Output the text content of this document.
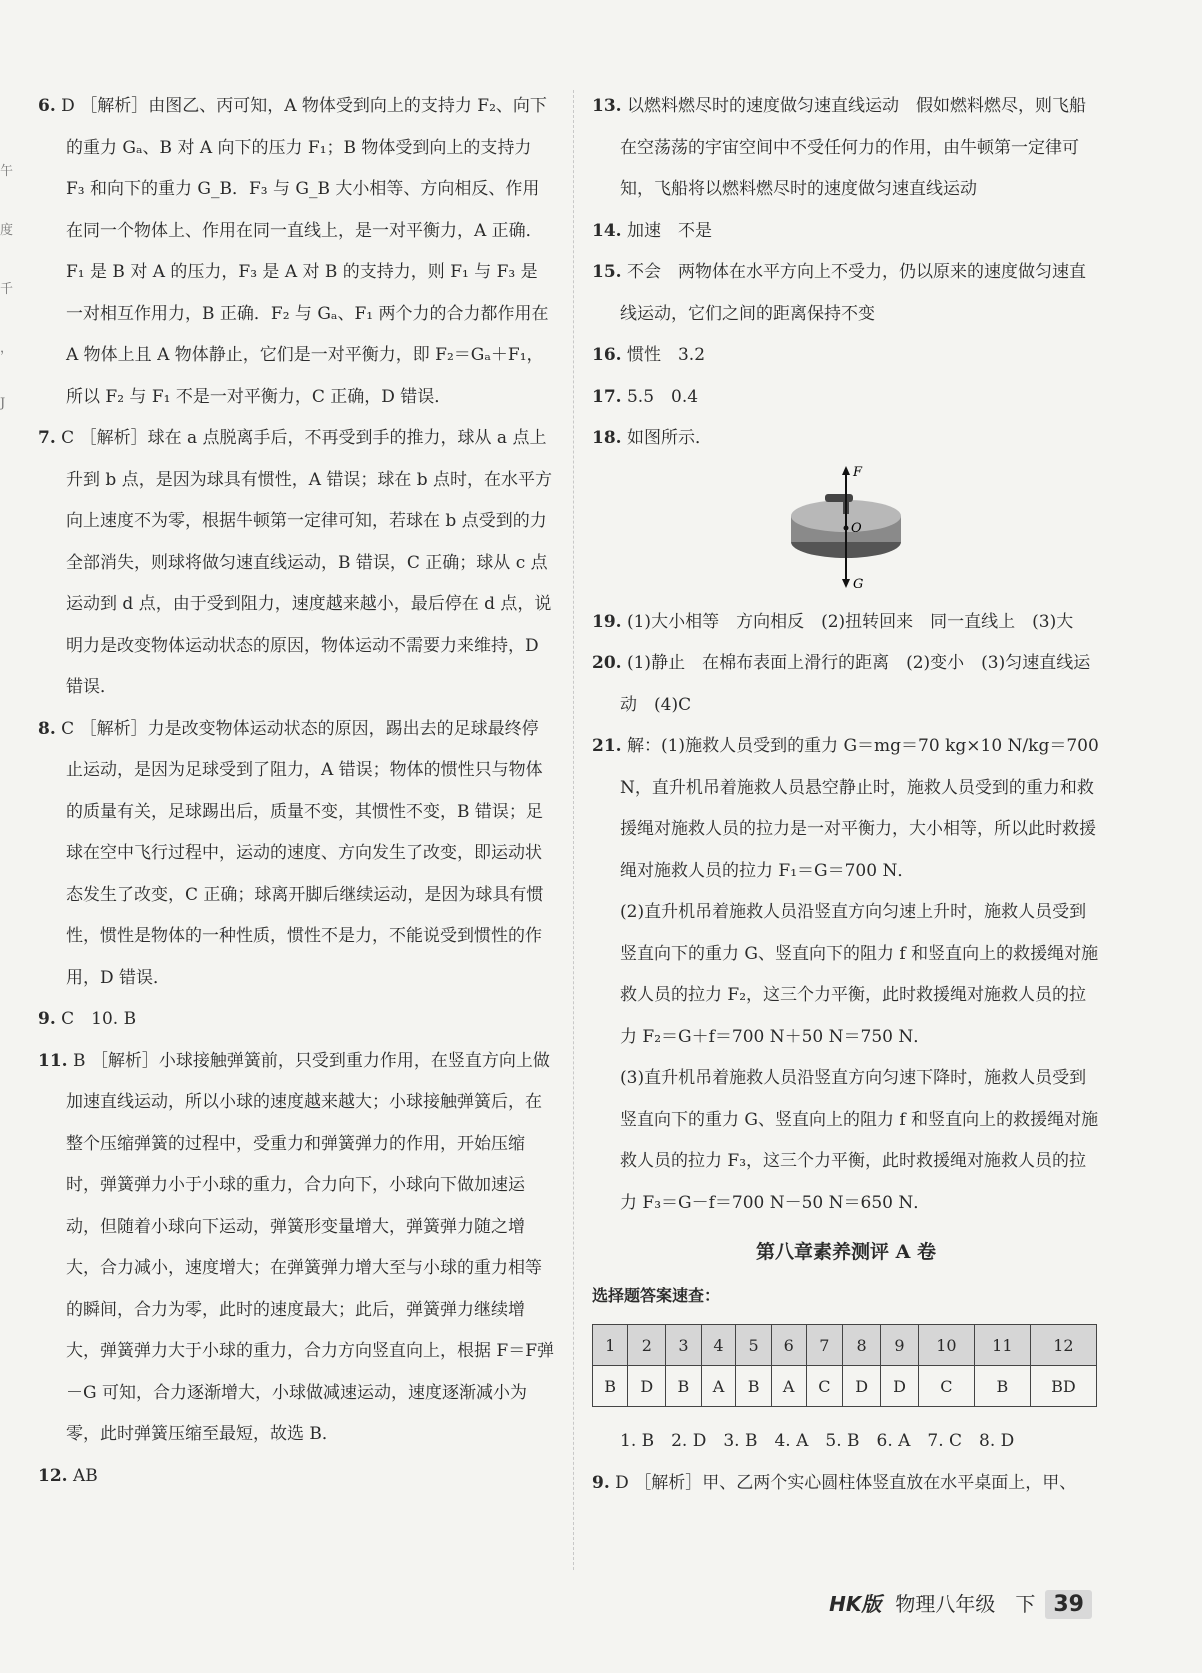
午
度
千
，
J

6. D ［解析］由图乙、丙可知，A 物体受到向上的支持力 F₂、向下的重力 Gₐ、B 对 A 向下的压力 F₁；B 物体受到向上的支持力 F₃ 和向下的重力 G_B．F₃ 与 G_B 大小相等、方向相反、作用在同一个物体上、作用在同一直线上，是一对平衡力，A 正确．F₁ 是 B 对 A 的压力，F₃ 是 A 对 B 的支持力，则 F₁ 与 F₃ 是一对相互作用力，B 正确．F₂ 与 Gₐ、F₁ 两个力的合力都作用在 A 物体上且 A 物体静止，它们是一对平衡力，即 F₂＝Gₐ＋F₁，所以 F₂ 与 F₁ 不是一对平衡力，C 正确，D 错误．

7. C ［解析］球在 a 点脱离手后，不再受到手的推力，球从 a 点上升到 b 点，是因为球具有惯性，A 错误；球在 b 点时，在水平方向上速度不为零，根据牛顿第一定律可知，若球在 b 点受到的力全部消失，则球将做匀速直线运动，B 错误，C 正确；球从 c 点运动到 d 点，由于受到阻力，速度越来越小，最后停在 d 点，说明力是改变物体运动状态的原因，物体运动不需要力来维持，D 错误．

8. C ［解析］力是改变物体运动状态的原因，踢出去的足球最终停止运动，是因为足球受到了阻力，A 错误；物体的惯性只与物体的质量有关，足球踢出后，质量不变，其惯性不变，B 错误；足球在空中飞行过程中，运动的速度、方向发生了改变，即运动状态发生了改变，C 正确；球离开脚后继续运动，是因为球具有惯性，惯性是物体的一种性质，惯性不是力，不能说受到惯性的作用，D 错误．

9. C　10. B

11. B ［解析］小球接触弹簧前，只受到重力作用，在竖直方向上做加速直线运动，所以小球的速度越来越大；小球接触弹簧后，在整个压缩弹簧的过程中，受重力和弹簧弹力的作用，开始压缩时，弹簧弹力小于小球的重力，合力向下，小球向下做加速运动，但随着小球向下运动，弹簧形变量增大，弹簧弹力随之增大，合力减小，速度增大；在弹簧弹力增大至与小球的重力相等的瞬间，合力为零，此时的速度最大；此后，弹簧弹力继续增大，弹簧弹力大于小球的重力，合力方向竖直向上，根据 F＝F弹－G 可知，合力逐渐增大，小球做减速运动，速度逐渐减小为零，此时弹簧压缩至最短，故选 B．

12. AB

13. 以燃料燃尽时的速度做匀速直线运动　假如燃料燃尽，则飞船在空荡荡的宇宙空间中不受任何力的作用，由牛顿第一定律可知，飞船将以燃料燃尽时的速度做匀速直线运动

14. 加速　不是

15. 不会　两物体在水平方向上不受力，仍以原来的速度做匀速直线运动，它们之间的距离保持不变

16. 惯性　3.2

17. 5.5　0.4

18. 如图所示．

F
O
G

19. (1)大小相等　方向相反　(2)扭转回来　同一直线上　(3)大

20. (1)静止　在棉布表面上滑行的距离　(2)变小　(3)匀速直线运动　(4)C

21. 解：(1)施救人员受到的重力 G＝mg＝70 kg×10 N/kg＝700 N，直升机吊着施救人员悬空静止时，施救人员受到的重力和救援绳对施救人员的拉力是一对平衡力，大小相等，所以此时救援绳对施救人员的拉力 F₁＝G＝700 N．

(2)直升机吊着施救人员沿竖直方向匀速上升时，施救人员受到竖直向下的重力 G、竖直向下的阻力 f 和竖直向上的救援绳对施救人员的拉力 F₂，这三个力平衡，此时救援绳对施救人员的拉力 F₂＝G＋f＝700 N＋50 N＝750 N．

(3)直升机吊着施救人员沿竖直方向匀速下降时，施救人员受到竖直向下的重力 G、竖直向上的阻力 f 和竖直向上的救援绳对施救人员的拉力 F₃，这三个力平衡，此时救援绳对施救人员的拉力 F₃＝G－f＝700 N－50 N＝650 N．

第八章素养测评 A 卷
选择题答案速查：
1	2	3	4	5	6	7	8	9	10	11	12
B	D	B	A	B	A	C	D	D	C	B	BD

1. B　2. D　3. B　4. A　5. B　6. A　7. C　8. D

9. D ［解析］甲、乙两个实心圆柱体竖直放在水平桌面上，甲、

HK版 物理八年级　下 39
